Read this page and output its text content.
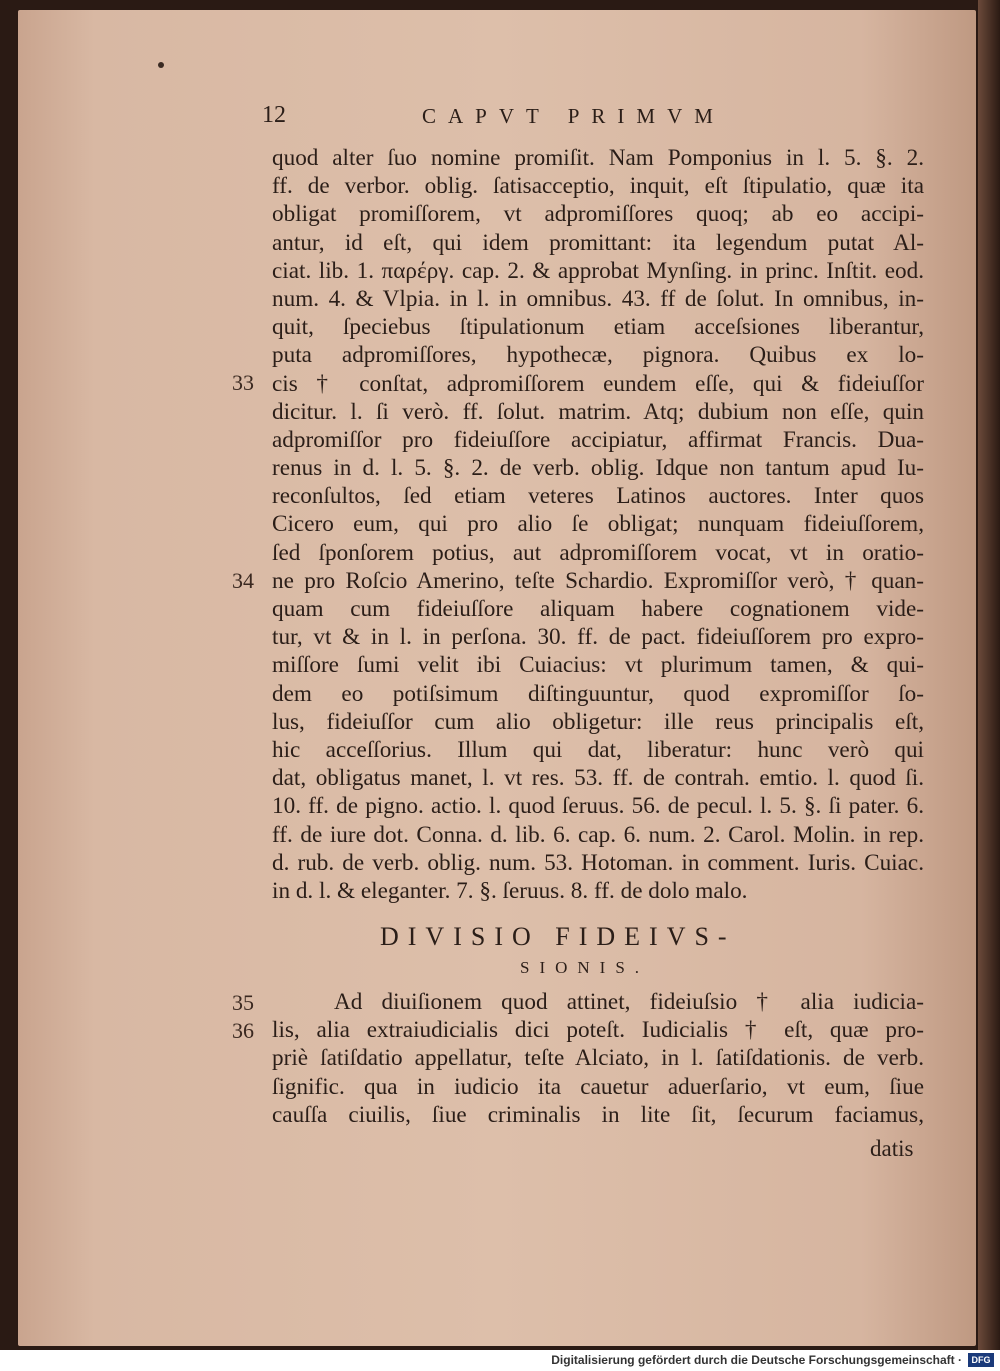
12	CAPVT PRIMVM
quod alter ſuo nomine promiſit. Nam Pomponius in l. 5. §. 2.
ff. de verbor. oblig. ſatisacceptio, inquit, eſt ſtipulatio, quæ ita
obligat promiſſorem, vt adpromiſſores quoq; ab eo accipi-
antur, id eſt, qui idem promittant: ita legendum putat Al-
ciat. lib. 1. παρέργ. cap. 2. & approbat Mynſing. in princ. Inſtit. eod.
num. 4. & Vlpia. in l. in omnibus. 43. ff de ſolut. In omnibus, in-
quit, ſpeciebus ſtipulationum etiam acceſsiones liberantur,
puta adpromiſſores, hypothecæ, pignora. Quibus ex lo-
cis † conſtat, adpromiſſorem eundem eſſe, qui & fideiuſſor
dicitur. l. ſi verò. ff. ſolut. matrim. Atq; dubium non eſſe, quin
adpromiſſor pro fideiuſſore accipiatur, affirmat Francis. Dua-
renus in d. l. 5. §. 2. de verb. oblig. Idque non tantum apud Iu-
reconſultos, ſed etiam veteres Latinos auctores. Inter quos
Cicero eum, qui pro alio ſe obligat; nunquam fideiuſſorem,
ſed ſponſorem potius, aut adpromiſſorem vocat, vt in oratio-
ne pro Roſcio Amerino, teſte Schardio. Expromiſſor verò, † quan-
quam cum fideiuſſore aliquam habere cognationem vide-
tur, vt & in l. in perſona. 30. ff. de pact. fideiuſſorem pro expro-
miſſore ſumi velit ibi Cuiacius: vt plurimum tamen, & qui-
dem eo potiſsimum diſtinguuntur, quod expromiſſor ſo-
lus, fideiuſſor cum alio obligetur: ille reus principalis eſt,
hic acceſſorius. Illum qui dat, liberatur: hunc verò qui
dat, obligatus manet, l. vt res. 53. ff. de contrah. emtio. l. quod ſi.
10. ff. de pigno. actio. l. quod ſeruus. 56. de pecul. l. 5. §. ſi pater. 6.
ff. de iure dot. Conna. d. lib. 6. cap. 6. num. 2. Carol. Molin. in rep.
d. rub. de verb. oblig. num. 53. Hotoman. in comment. Iuris. Cuiac.
in d. l. & eleganter. 7. §. ſeruus. 8. ff. de dolo malo.
33
34
DIVISIO FIDEIVS-
SIONIS.
35
36
Ad diuiſionem quod attinet, fideiuſsio † alia iudicia-
lis, alia extraiudicialis dici poteſt. Iudicialis † eſt, quæ pro-
priè ſatiſdatio appellatur, teſte Alciato, in l. ſatiſdationis. de verb.
ſignific. qua in iudicio ita cauetur aduerſario, vt eum, ſiue
cauſſa ciuilis, ſiue criminalis in lite ſit, ſecurum faciamus,
datis
Digitalisierung gefördert durch die Deutsche Forschungsgemeinschaft ·	DFG
